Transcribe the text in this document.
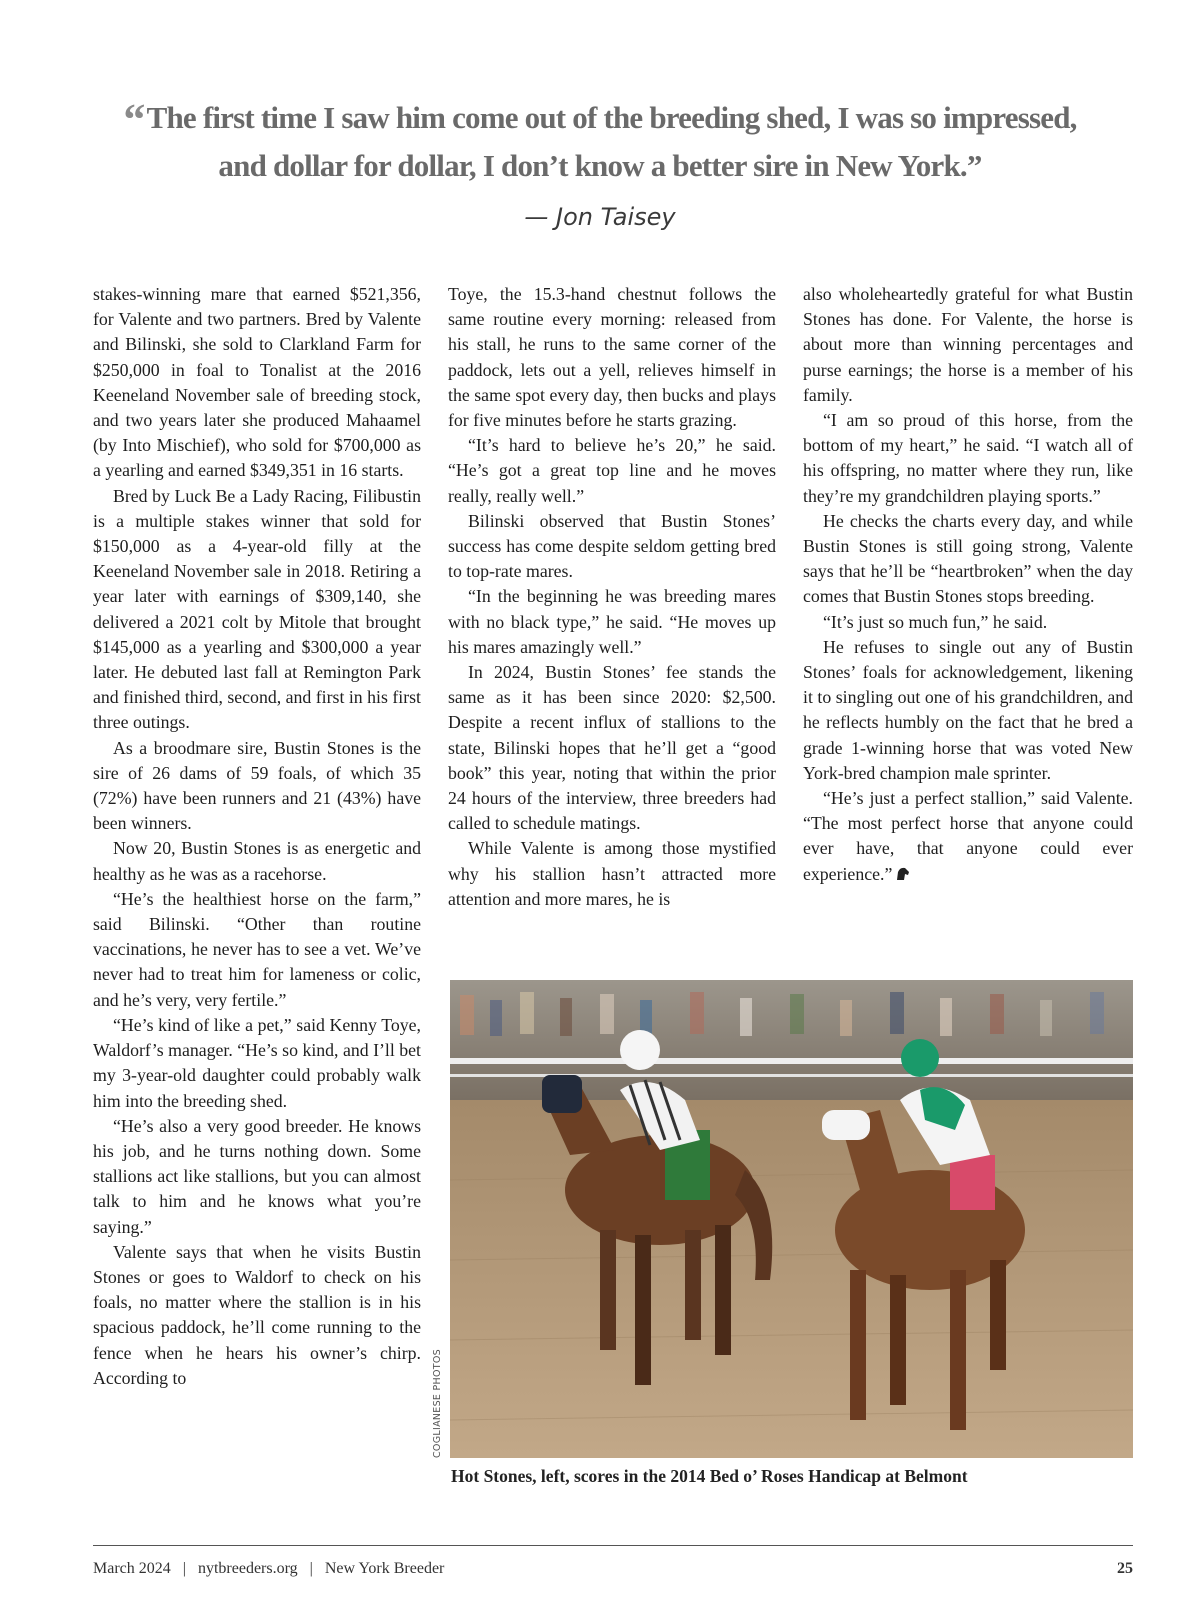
“The first time I saw him come out of the breeding shed, I was so impressed,
and dollar for dollar, I don’t know a better sire in New York.”
— Jon Taisey

stakes-winning mare that earned $521,356, for Valente and two partners. Bred by Valente and Bilinski, she sold to Clarkland Farm for $250,000 in foal to Tonalist at the 2016 Keeneland November sale of breeding stock, and two years later she produced Mahaamel (by Into Mischief), who sold for $700,000 as a yearling and earned $349,351 in 16 starts.

Bred by Luck Be a Lady Racing, Filibustin is a multiple stakes winner that sold for $150,000 as a 4-year-old filly at the Keeneland November sale in 2018. Retiring a year later with earnings of $309,140, she delivered a 2021 colt by Mitole that brought $145,000 as a yearling and $300,000 a year later. He debuted last fall at Remington Park and finished third, second, and first in his first three outings.

As a broodmare sire, Bustin Stones is the sire of 26 dams of 59 foals, of which 35 (72%) have been runners and 21 (43%) have been winners.

Now 20, Bustin Stones is as energetic and healthy as he was as a racehorse.

“He’s the healthiest horse on the farm,” said Bilinski. “Other than routine vaccinations, he never has to see a vet. We’ve never had to treat him for lameness or colic, and he’s very, very fertile.”

“He’s kind of like a pet,” said Kenny Toye, Waldorf’s manager. “He’s so kind, and I’ll bet my 3-year-old daughter could probably walk him into the breeding shed.

“He’s also a very good breeder. He knows his job, and he turns nothing down. Some stallions act like stallions, but you can almost talk to him and he knows what you’re saying.”

Valente says that when he visits Bustin Stones or goes to Waldorf to check on his foals, no matter where the stallion is in his spacious paddock, he’ll come running to the fence when he hears his owner’s chirp. According to

Toye, the 15.3-hand chestnut follows the same routine every morning: released from his stall, he runs to the same corner of the paddock, lets out a yell, relieves himself in the same spot every day, then bucks and plays for five minutes before he starts grazing.

“It’s hard to believe he’s 20,” he said. “He’s got a great top line and he moves really, really well.”

Bilinski observed that Bustin Stones’ success has come despite seldom getting bred to top-rate mares.

“In the beginning he was breeding mares with no black type,” he said. “He moves up his mares amazingly well.”

In 2024, Bustin Stones’ fee stands the same as it has been since 2020: $2,500. Despite a recent influx of stallions to the state, Bilinski hopes that he’ll get a “good book” this year, noting that within the prior 24 hours of the interview, three breeders had called to schedule matings.

While Valente is among those mystified why his stallion hasn’t attracted more attention and more mares, he is

also wholeheartedly grateful for what Bustin Stones has done. For Valente, the horse is about more than winning percentages and purse earnings; the horse is a member of his family.

“I am so proud of this horse, from the bottom of my heart,” he said. “I watch all of his offspring, no matter where they run, like they’re my grandchildren playing sports.”

He checks the charts every day, and while Bustin Stones is still going strong, Valente says that he’ll be “heartbroken” when the day comes that Bustin Stones stops breeding.

“It’s just so much fun,” he said.

He refuses to single out any of Bustin Stones’ foals for acknowledgement, likening it to singling out one of his grandchildren, and he reflects humbly on the fact that he bred a grade 1-winning horse that was voted New York-bred champion male sprinter.

“He’s just a perfect stallion,” said Valente. “The most perfect horse that anyone could ever have, that anyone could ever experience.”

COGLIANESE PHOTOS
Hot Stones, left, scores in the 2014 Bed o’ Roses Handicap at Belmont
March 2024 | nytbreeders.org | New York Breeder	25
